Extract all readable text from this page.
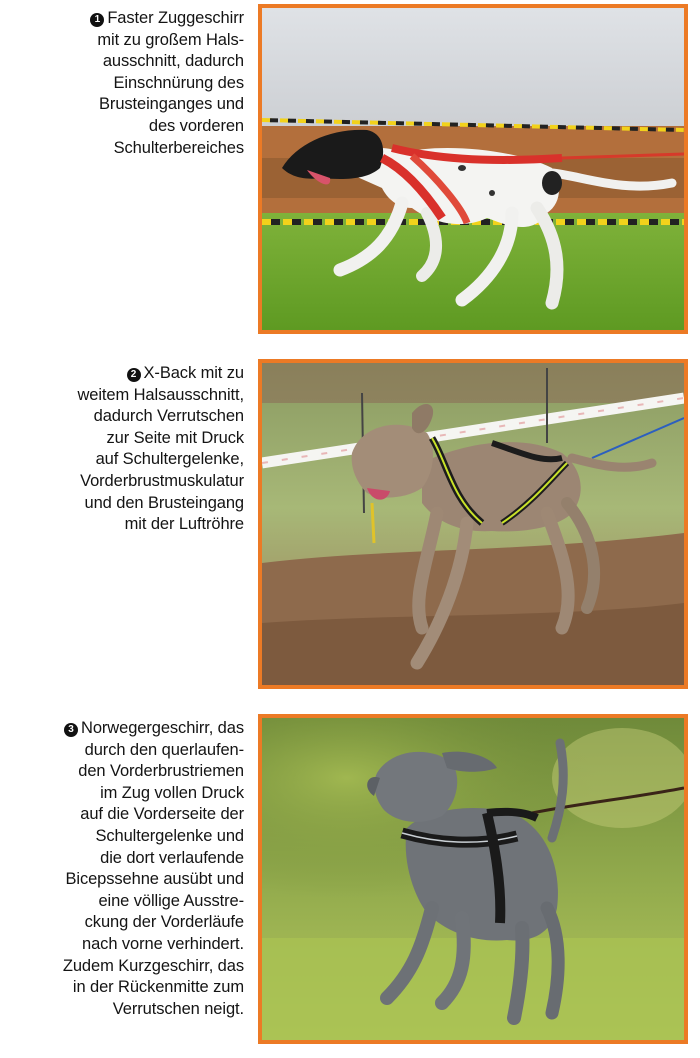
1 Faster Zuggeschirr
mit zu großem Hals-
ausschnitt, dadurch
Einschnürung des
Brusteinganges und
des vorderen
Schulterbereiches
2 X-Back mit zu
weitem Halsausschnitt,
dadurch Verrutschen
zur Seite mit Druck
auf Schultergelenke,
Vorderbrustmuskulatur
und den Brusteingang
mit der Luftröhre
3 Norwegergeschirr, das
durch den querlaufen-
den Vorderbrustriemen
im Zug vollen Druck
auf die Vorderseite der
Schultergelenke und
die dort verlaufende
Bicepssehne ausübt und
eine völlige Ausstre-
ckung der Vorderläufe
nach vorne verhindert.
Zudem Kurzgeschirr, das
in der Rückenmitte zum
Verrutschen neigt.
